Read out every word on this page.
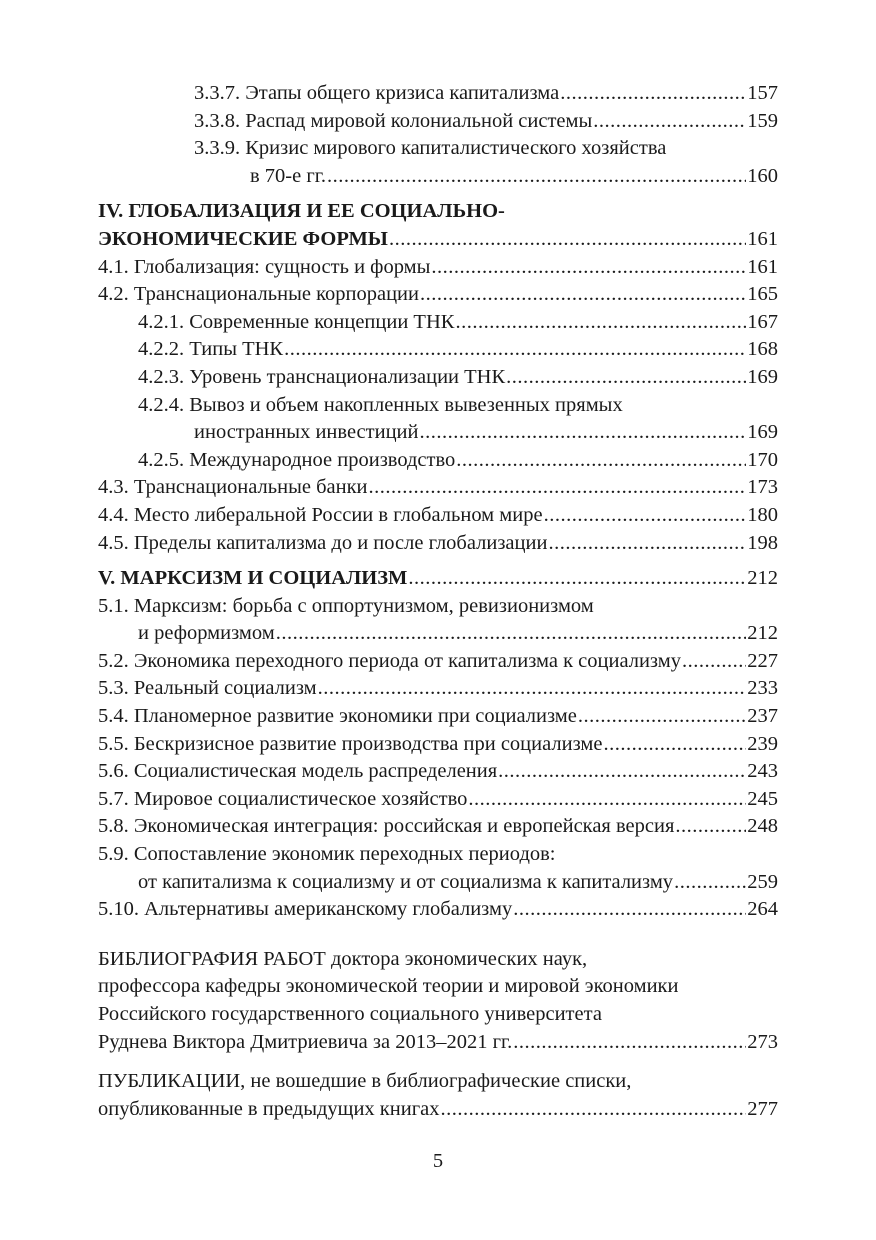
3.3.7. Этапы общего кризиса капитализма .....	157
3.3.8. Распад мировой колониальной системы .....	159
3.3.9. Кризис мирового капиталистического хозяйства
в 70-е гг. .....	160
IV. ГЛОБАЛИЗАЦИЯ И ЕЕ СОЦИАЛЬНО-
ЭКОНОМИЧЕСКИЕ ФОРМЫ .....	161
4.1. Глобализация: сущность и формы .....	161
4.2. Транснациональные корпорации .....	165
4.2.1. Современные концепции ТНК .....	167
4.2.2. Типы ТНК .....	168
4.2.3. Уровень транснационализации ТНК .....	169
4.2.4. Вывоз и объем накопленных вывезенных прямых
иностранных инвестиций .....	169
4.2.5. Международное производство .....	170
4.3. Транснациональные банки .....	173
4.4. Место либеральной России в глобальном мире .....	180
4.5. Пределы капитализма до и после глобализации .....	198
V. МАРКСИЗМ И СОЦИАЛИЗМ .....	212
5.1. Марксизм: борьба с оппортунизмом, ревизионизмом
и реформизмом .....	212
5.2. Экономика переходного периода от капитализма к социализму .....	227
5.3. Реальный социализм .....	233
5.4. Планомерное развитие экономики при социализме .....	237
5.5. Бескризисное развитие производства при социализме .....	239
5.6. Социалистическая модель распределения .....	243
5.7. Мировое социалистическое хозяйство .....	245
5.8. Экономическая интеграция: российская и европейская версия .....	248
5.9. Сопоставление экономик переходных периодов:
от капитализма к социализму и от социализма к капитализму .....	259
5.10. Альтернативы американскому глобализму .....	264
БИБЛИОГРАФИЯ РАБОТ доктора экономических наук,
профессора кафедры экономической теории и мировой экономики
Российского государственного социального университета
Руднева Виктора Дмитриевича за 2013–2021 гг. .....	273
ПУБЛИКАЦИИ, не вошедшие в библиографические списки,
опубликованные в предыдущих книгах .....	277
5
